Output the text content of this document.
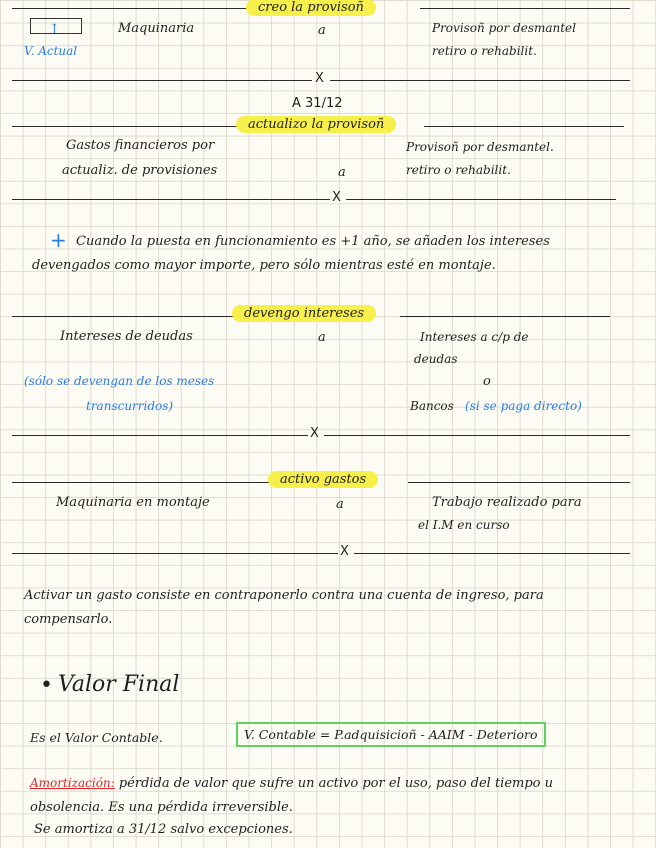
creo la provisoñ
↑
V. Actual
Maquinaria	a	Provisoñ por desmantel
retiro o rehabilit.
X
A 31/12
actualizo la provisoñ
Gastos financieros por
actualiz. de provisiones	a
Provisoñ por desmantel.
retiro o rehabilit.
X
+ Cuando la puesta en funcionamiento es +1 año, se añaden los intereses devengados como mayor importe, pero sólo mientras esté en montaje.
devengo intereses
Intereses de deudas	a	Intereses a c/p de
deudas
o
Bancos (si se paga directo)
(sólo se devengan de los meses
transcurridos)
X
activo gastos
Maquinaria en montaje	a	Trabajo realizado para
el I.M en curso
X
Activar un gasto consiste en contraponerlo contra una cuenta de ingreso, para compensarlo.
• Valor Final
Es el Valor Contable.	V. Contable = P.adquisicioñ - AAIM - Deterioro
Amortización: pérdida de valor que sufre un activo por el uso, paso del tiempo u obsolencia. Es una pérdida irreversible.
Se amortiza a 31/12 salvo excepciones.
